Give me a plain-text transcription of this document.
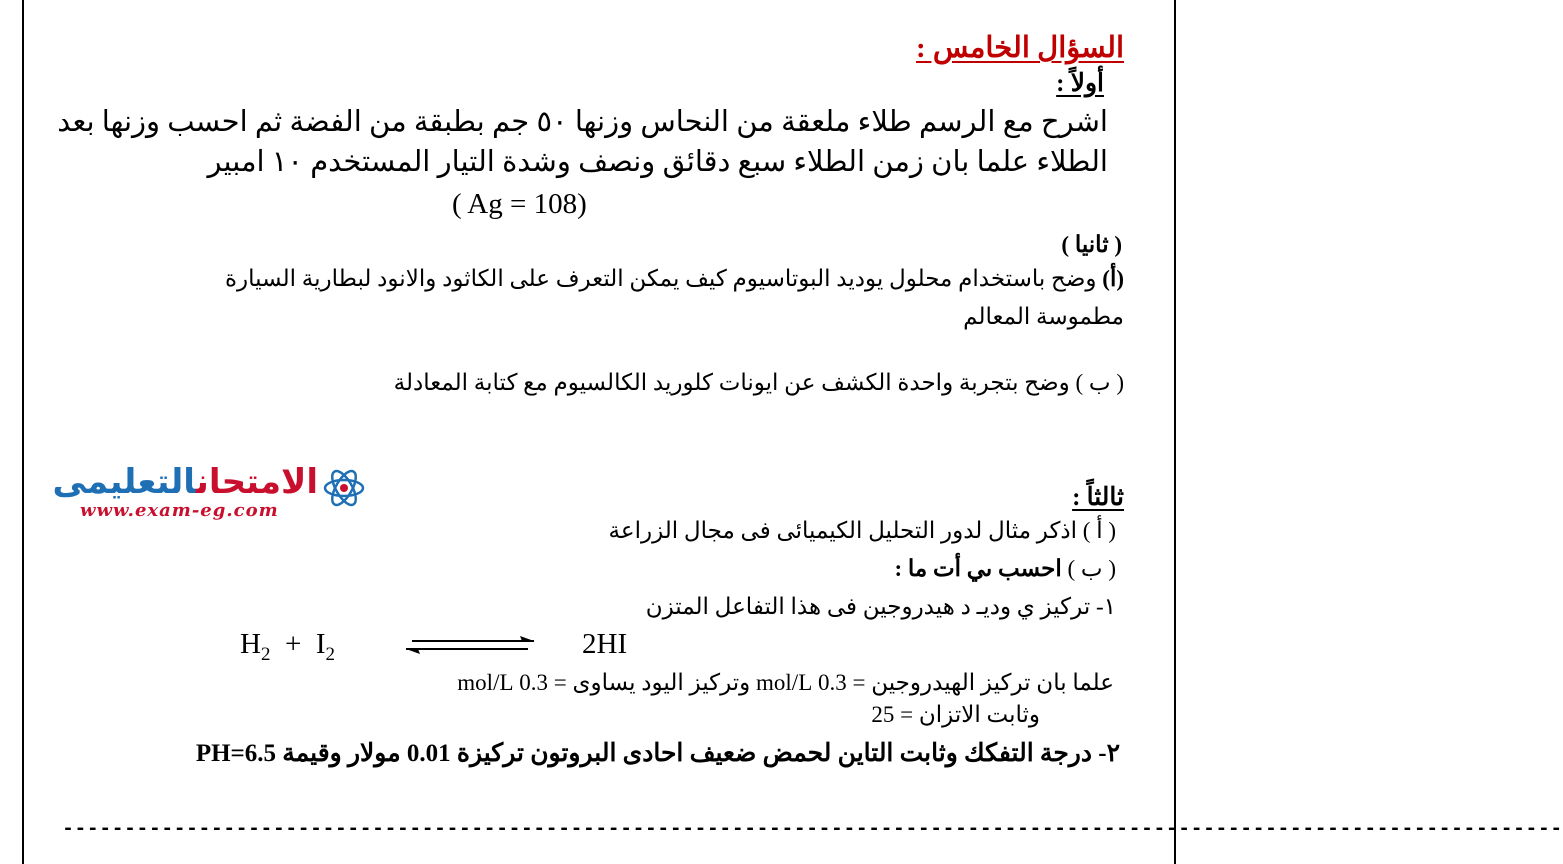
السؤال الخامس :
أولاً :
اشرح مع الرسم طلاء ملعقة من النحاس وزنها ٥٠ جم بطبقة من الفضة ثم احسب وزنها بعد
الطلاء علما بان زمن الطلاء سبع دقائق ونصف وشدة التيار المستخدم ١٠ امبير
( Ag = 108)
( ثانيا )
(أ) وضح باستخدام محلول يوديد البوتاسيوم كيف يمكن التعرف على الكاثود والانود لبطارية السيارة
مطموسة المعالم
( ب ) وضح بتجربة واحدة الكشف عن ايونات كلوريد الكالسيوم مع كتابة المعادلة
الامتحانالتعليمى
www.exam-eg.com	ثالثاً :
( أ ) اذكر مثال لدور التحليل الكيميائى فى مجال الزراعة
( ب ) احسب ىي أت ما :
١- تركيز ي وديـ د هيدروجين فى هذا التفاعل المتزن
$H_2 + I_2$	2HI
علما بان تركيز الهيدروجين = 0.3 mol/L وتركيز اليود يساوى = 0.3 mol/L
وثابت الاتزان = 25
٢- درجة التفكك وثابت التاين لحمض ضعيف احادى البروتون تركيزة 0.01 مولار وقيمة PH=6.5
-------------------------------------------------------------------------------------------------------------------------
